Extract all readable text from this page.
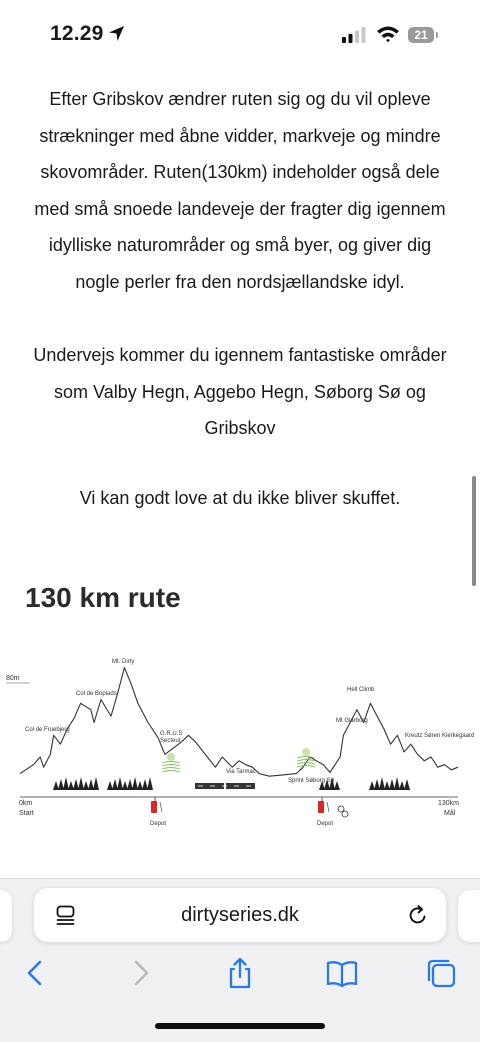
12.29	21
Efter Gribskov ændrer ruten sig og du vil opleve
strækninger med åbne vidder, markveje og mindre
skovområder. Ruten(130km) indeholder også dele
med små snoede landeveje der fragter dig igennem
idylliske naturområder og små byer, og giver dig
nogle perler fra den nordsjællandske idyl.
Undervejs kommer du igennem fantastiske områder
som Valby Hegn, Aggebo Hegn, Søborg Sø og
Gribskov
Vi kan godt love at du ikke bliver skuffet.
130 km rute
80m
0km
Start
130km
Mål
Col de Fruebjerg
Col de Boplads
Mt. Dirty
G.R.U.S
Secteur
Via Tarmac
Sprint Søborg Sø
Hell Climb
Mt Glarborg
Kreutz Søren Kierkegaard
Depot	Depot
dirtyseries.dk
